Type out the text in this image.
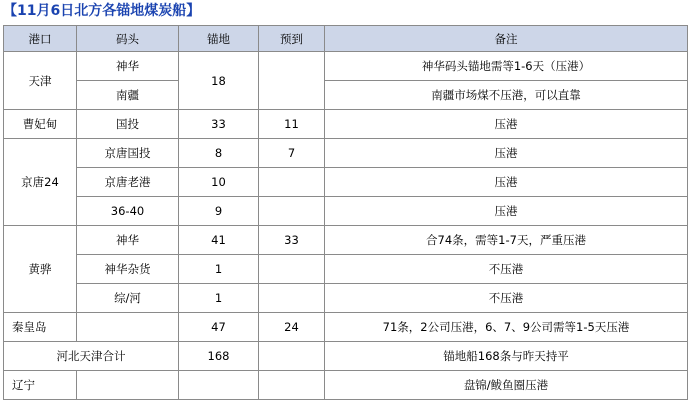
【11月6日北方各锚地煤炭船】
港口	码头	锚地	预到	备注
天津	神华	18		神华码头锚地需等1-6天（压港）
	南疆			南疆市场煤不压港，可以直靠
曹妃甸	国投	33	11	压港
京唐24	京唐国投	8	7	压港
	京唐老港	10		压港
	36-40	9		压港
黄骅	神华	41	33	合74条，需等1-7天，严重压港
	神华杂货	1		不压港
	综/河	1		不压港
秦皇岛		47	24	71条，2公司压港，6、7、9公司需等1-5天压港
河北天津合计		168		锚地船168条与昨天持平
辽宁				盘锦/鲅鱼圈压港
